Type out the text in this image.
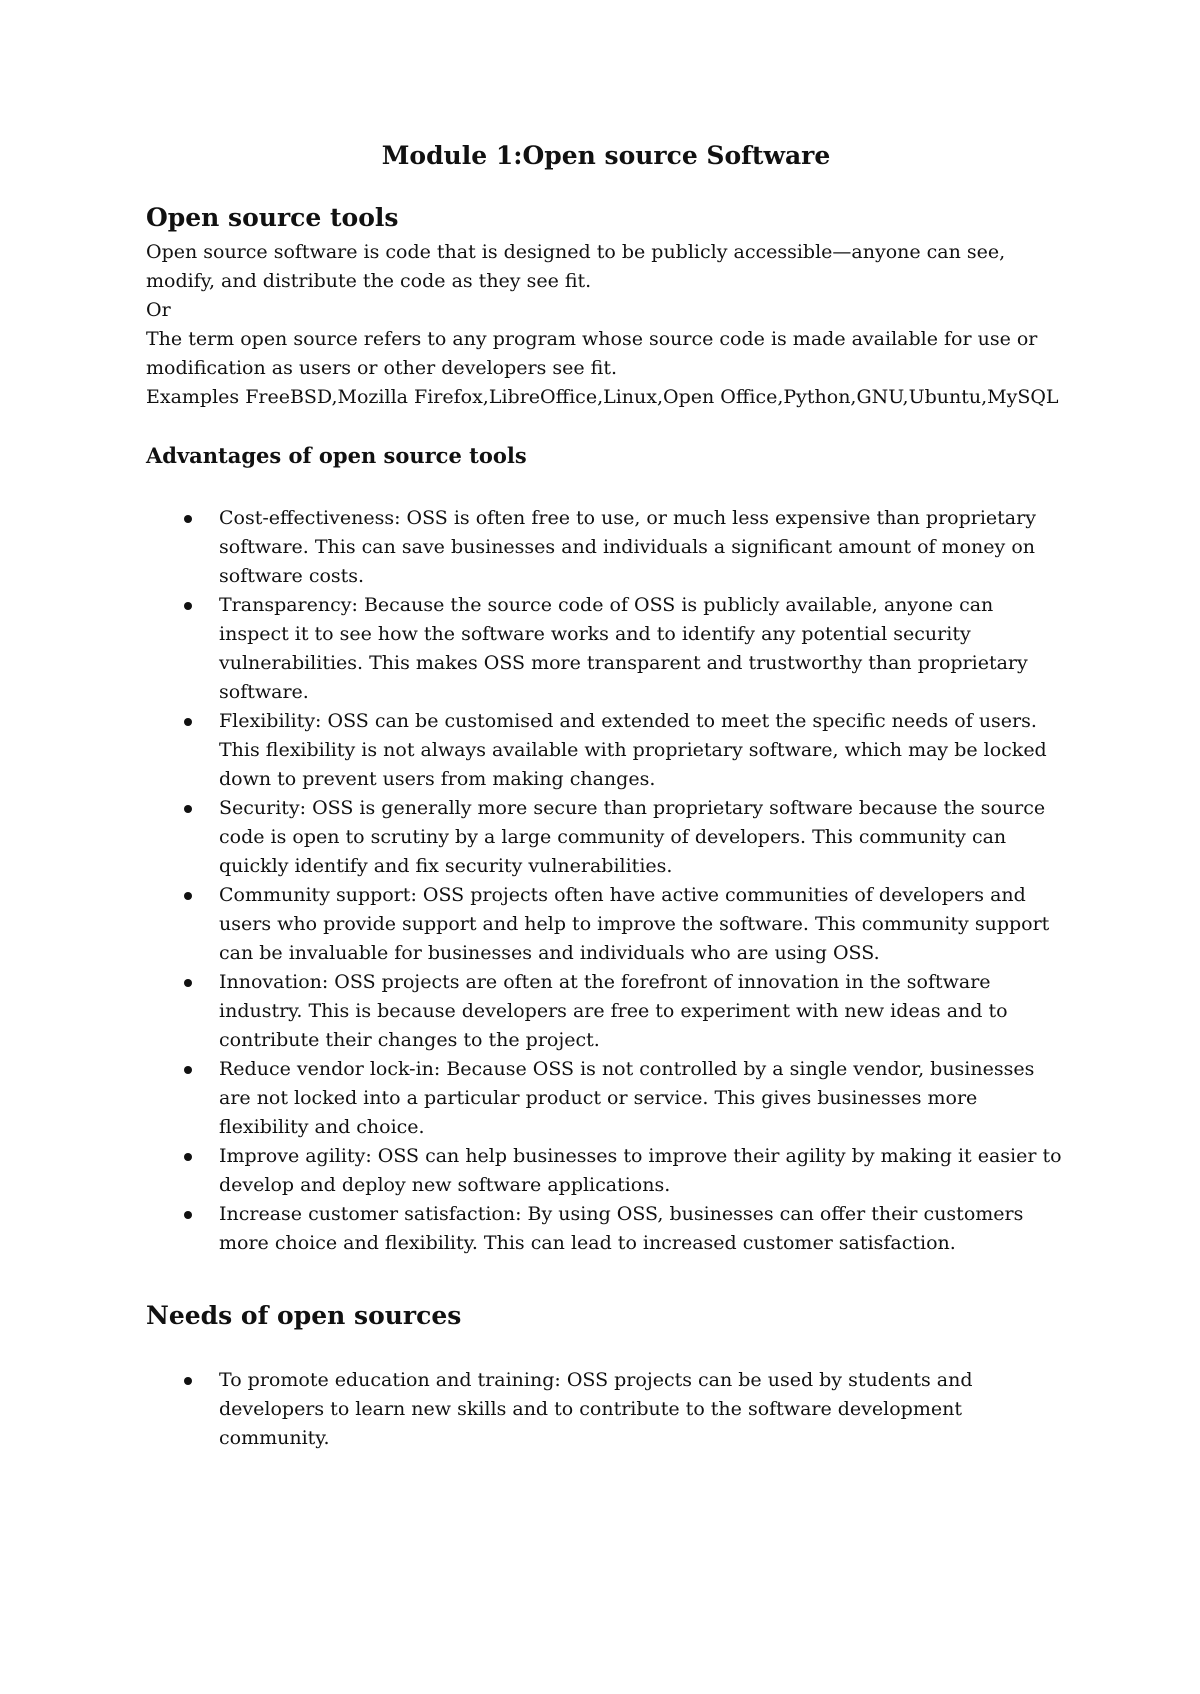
Module 1:Open source Software
Open source tools

Open source software is code that is designed to be publicly accessible—anyone can see, modify, and distribute the code as they see fit.

Or

The term open source refers to any program whose source code is made available for use or modification as users or other developers see fit.

Examples FreeBSD,Mozilla Firefox,LibreOffice,Linux,Open Office,Python,GNU,Ubuntu,MySQL

Advantages of open source tools
Cost-effectiveness: OSS is often free to use, or much less expensive than proprietary software. This can save businesses and individuals a significant amount of money on software costs.
Transparency: Because the source code of OSS is publicly available, anyone can inspect it to see how the software works and to identify any potential security vulnerabilities. This makes OSS more transparent and trustworthy than proprietary software.
Flexibility: OSS can be customised and extended to meet the specific needs of users. This flexibility is not always available with proprietary software, which may be locked down to prevent users from making changes.
Security: OSS is generally more secure than proprietary software because the source code is open to scrutiny by a large community of developers. This community can quickly identify and fix security vulnerabilities.
Community support: OSS projects often have active communities of developers and users who provide support and help to improve the software. This community support can be invaluable for businesses and individuals who are using OSS.
Innovation: OSS projects are often at the forefront of innovation in the software industry. This is because developers are free to experiment with new ideas and to contribute their changes to the project.
Reduce vendor lock-in: Because OSS is not controlled by a single vendor, businesses are not locked into a particular product or service. This gives businesses more flexibility and choice.
Improve agility: OSS can help businesses to improve their agility by making it easier to develop and deploy new software applications.
Increase customer satisfaction: By using OSS, businesses can offer their customers more choice and flexibility. This can lead to increased customer satisfaction.
Needs of open sources
To promote education and training: OSS projects can be used by students and developers to learn new skills and to contribute to the software development community.
